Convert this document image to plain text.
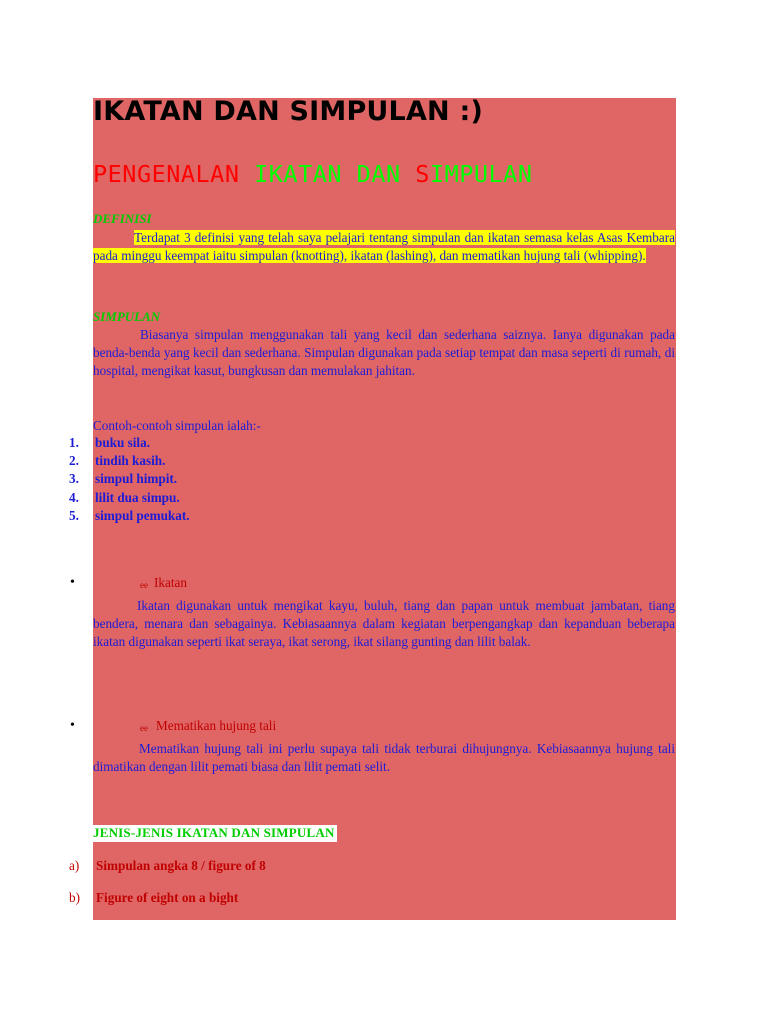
IKATAN DAN SIMPULAN :)
PENGENALAN IKATAN DAN SIMPULAN
DEFINISI
Terdapat 3 definisi yang telah saya pelajari tentang simpulan dan ikatan semasa kelas Asas Kembara pada minggu keempat iaitu simpulan (knotting), ikatan (lashing), dan mematikan hujung tali (whipping).
SIMPULAN
Biasanya simpulan menggunakan tali yang kecil dan sederhana saiznya. Ianya digunakan pada benda-benda yang kecil dan sederhana. Simpulan digunakan pada setiap tempat dan masa seperti di rumah, di hospital, mengikat kasut, bungkusan dan memulakan jahitan.
Contoh-contoh simpulan ialah:-
1.	buku sila.
2.	tindih kasih.
3.	simpul himpit.
4.	lilit dua simpu.
5.	simpul pemukat.
•	ee Ikatan
Ikatan digunakan untuk mengikat kayu, buluh, tiang dan papan untuk membuat jambatan, tiang bendera, menara dan sebagainya. Kebiasaannya dalam kegiatan berpengangkap dan kepanduan beberapa ikatan digunakan seperti ikat seraya, ikat serong, ikat silang gunting dan lilit balak.
•	ee Mematikan hujung tali
Mematikan hujung tali ini perlu supaya tali tidak terburai dihujungnya. Kebiasaannya hujung tali dimatikan dengan lilit pemati biasa dan lilit pemati selit.
JENIS-JENIS IKATAN DAN SIMPULAN
a)	Simpulan angka 8 / figure of 8
b)	Figure of eight on a bight
